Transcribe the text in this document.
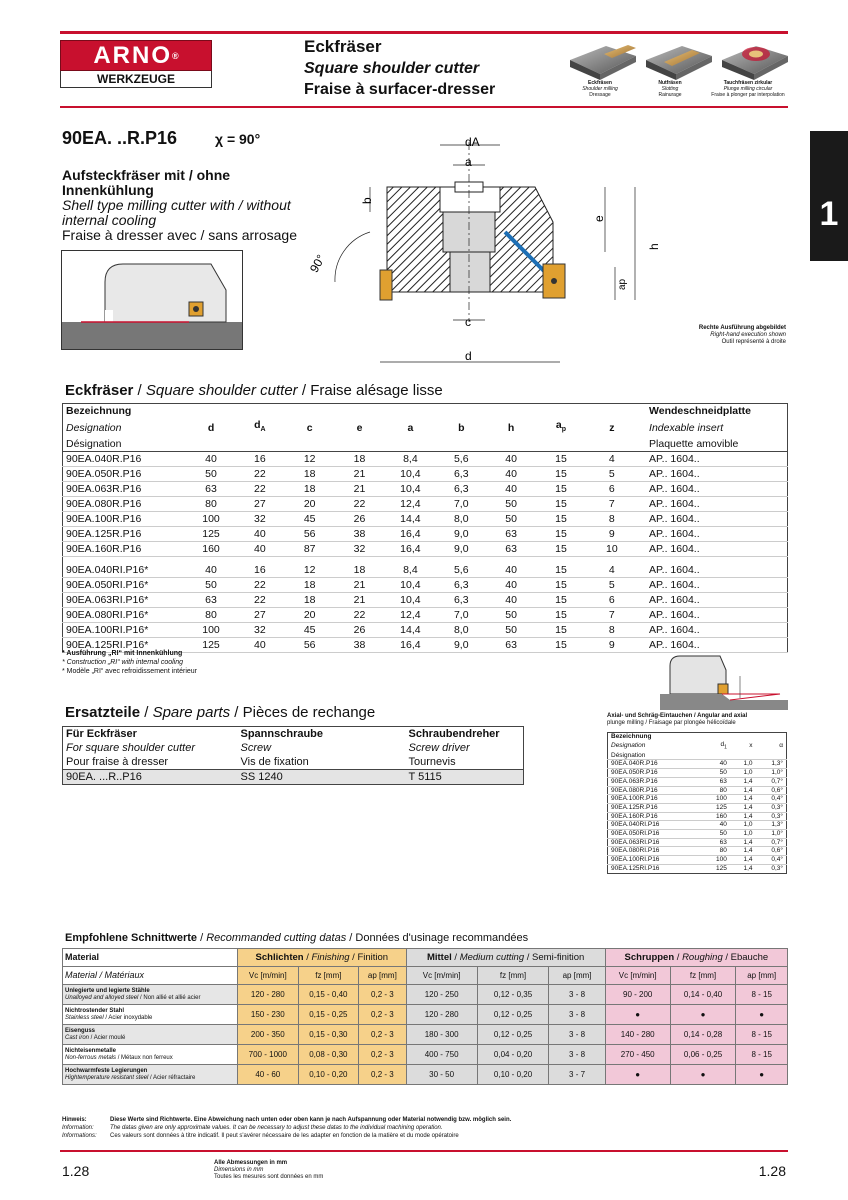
ARNO®
WERKZEUGE
Eckfräser
Square shoulder cutter
Fraise à surfacer-dresser	Eckfräsen
Shoulder milling
Dressage
Nutfräsen
Slotting
Rainurage
Tauchfräsen zirkular
Plunge milling circular
Fraise à plonger par interpolation
1
90EA. ..R.P16	χ = 90°
Aufsteckfräser mit / ohne Innenkühlung
Shell type milling cutter with / without internal cooling
Fraise à dresser avec / sans arrosage
dA
a
b
e
h
ap
c
d
90°
Rechte Ausführung abgebildet
Right-hand execution shown
Outil représenté à droite
Eckfräser / Square shoulder cutter / Fraise alésage lisse
Bezeichnung											Wendeschneidplatte
Designation	d	$d_A$	c	e	a	b	h	$a_p$	z		Indexable insert
Désignation											Plaquette amovible
90EA.040R.P16	40	16	12	18	8,4	5,6	40	15	4		AP.. 1604..
90EA.050R.P16	50	22	18	21	10,4	6,3	40	15	5		AP.. 1604..
90EA.063R.P16	63	22	18	21	10,4	6,3	40	15	6		AP.. 1604..
90EA.080R.P16	80	27	20	22	12,4	7,0	50	15	7		AP.. 1604..
90EA.100R.P16	100	32	45	26	14,4	8,0	50	15	8		AP.. 1604..
90EA.125R.P16	125	40	56	38	16,4	9,0	63	15	9		AP.. 1604..
90EA.160R.P16	160	40	87	32	16,4	9,0	63	15	10		AP.. 1604..

90EA.040RI.P16*	40	16	12	18	8,4	5,6	40	15	4		AP.. 1604..
90EA.050RI.P16*	50	22	18	21	10,4	6,3	40	15	5		AP.. 1604..
90EA.063RI.P16*	63	22	18	21	10,4	6,3	40	15	6		AP.. 1604..
90EA.080RI.P16*	80	27	20	22	12,4	7,0	50	15	7		AP.. 1604..
90EA.100RI.P16*	100	32	45	26	14,4	8,0	50	15	8		AP.. 1604..
90EA.125RI.P16*	125	40	56	38	16,4	9,0	63	15	9		AP.. 1604..
* Ausführung „RI“ mit Innenkühlung
* Construction „RI“ with internal cooling
* Modèle „RI“ avec refroidissement intérieur
Ersatzteile / Spare parts / Pièces de rechange
Für Eckfräser	Spannschraube	Schraubendreher
For square shoulder cutter	Screw	Screw driver
Pour fraise à dresser	Vis de fixation	Tournevis
90EA. ...R..P16	SS 1240	T 5115
Axial- und Schräg-Eintauchen / Angular and axial
plunge milling / Fraisage par plongée hélicoïdale
Bezeichnung			
Designation	$d_1$	x	α
Désignation			
90EA.040R.P16	40	1,0	1,3°
90EA.050R.P16	50	1,0	1,0°
90EA.063R.P16	63	1,4	0,7°
90EA.080R.P16	80	1,4	0,6°
90EA.100R.P16	100	1,4	0,4°
90EA.125R.P16	125	1,4	0,3°
90EA.160R.P16	160	1,4	0,3°
90EA.040RI.P16	40	1,0	1,3°
90EA.050RI.P16	50	1,0	1,0°
90EA.063RI.P16	63	1,4	0,7°
90EA.080RI.P16	80	1,4	0,6°
90EA.100RI.P16	100	1,4	0,4°
90EA.125RI.P16	125	1,4	0,3°
Empfohlene Schnittwerte / Recommanded cutting datas / Données d'usinage recommandées
Material	Schlichten / Finishing / Finition			Mittel / Medium cutting / Semi-finition			Schruppen / Roughing / Ebauche		
Material / Matériaux	Vc [m/min]	fz [mm]	ap [mm]	Vc [m/min]	fz [mm]	ap [mm]	Vc [m/min]	fz [mm]	ap [mm]
Unlegierte und legierte Stähle
Unalloyed and alloyed steel / Non allié et allié acier	120 - 280	0,15 - 0,40	0,2 - 3	120 - 250	0,12 - 0,35	3 - 8	90 - 200	0,14 - 0,40	8 - 15
Nichtrostender Stahl
Stainless steel / Acier inoxydable	150 - 230	0,15 - 0,25	0,2 - 3	120 - 280	0,12 - 0,25	3 - 8	●	●	●
Eisenguss
Cast iron / Acier moulé	200 - 350	0,15 - 0,30	0,2 - 3	180 - 300	0,12 - 0,25	3 - 8	140 - 280	0,14 - 0,28	8 - 15
Nichteisenmetalle
Non-ferrous metals / Métaux non ferreux	700 - 1000	0,08 - 0,30	0,2 - 3	400 - 750	0,04 - 0,20	3 - 8	270 - 450	0,06 - 0,25	8 - 15
Hochwarmfeste Legierungen
Hightemperature resistant steel / Acier réfractaire	40 - 60	0,10 - 0,20	0,2 - 3	30 - 50	0,10 - 0,20	3 - 7	●	●	●
Hinweis:	Diese Werte sind Richtwerte. Eine Abweichung nach unten oder oben kann je nach Aufspannung oder Material notwendig bzw. möglich sein.
Information:	The datas given are only approximate values. It can be necessary to adjust these datas to the individual machining operation.
Informations: Ces valeurs sont données à titre indicatif. Il peut s'avérer nécessaire de les adapter en fonction de la matière et du mode opératoire
1.28	Alle Abmessungen in mm
Dimensions in mm
Toutes les mesures sont données en mm	1.28
